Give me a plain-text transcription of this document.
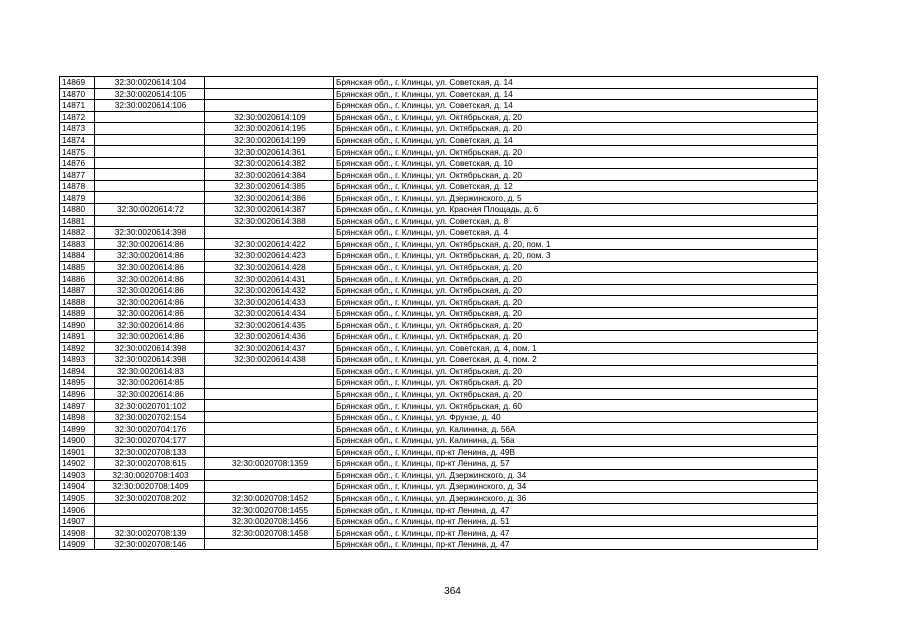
14869	32:30:0020614:104		Брянская обл., г. Клинцы, ул. Советская, д. 14
14870	32:30:0020614:105		Брянская обл., г. Клинцы, ул. Советская, д. 14
14871	32:30:0020614:106		Брянская обл., г. Клинцы, ул. Советская, д. 14
14872		32:30:0020614:109	Брянская обл., г. Клинцы, ул. Октябрьская, д. 20
14873		32:30:0020614:195	Брянская обл., г. Клинцы, ул. Октябрьская, д. 20
14874		32:30:0020614:199	Брянская обл., г. Клинцы, ул. Советская, д. 14
14875		32:30:0020614:361	Брянская обл., г. Клинцы, ул. Октябрьская, д. 20
14876		32:30:0020614:382	Брянская обл., г. Клинцы, ул. Советская, д. 10
14877		32:30:0020614:384	Брянская обл., г. Клинцы, ул. Октябрьская, д. 20
14878		32:30:0020614:385	Брянская обл., г. Клинцы, ул. Советская, д. 12
14879		32:30:0020614:386	Брянская обл., г. Клинцы, ул. Дзержинского, д. 5
14880	32:30:0020614:72	32:30:0020614:387	Брянская обл., г. Клинцы, ул. Красная Площадь, д. 6
14881		32:30:0020614:388	Брянская обл., г. Клинцы, ул. Советская, д. 8
14882	32:30:0020614:398		Брянская обл., г. Клинцы, ул. Советская, д. 4
14883	32:30:0020614:86	32:30:0020614:422	Брянская обл., г. Клинцы, ул. Октябрьская, д. 20, пом. 1
14884	32:30:0020614:86	32:30:0020614:423	Брянская обл., г. Клинцы, ул. Октябрьская, д. 20, пом. 3
14885	32:30:0020614:86	32:30:0020614:428	Брянская обл., г. Клинцы, ул. Октябрьская, д. 20
14886	32:30:0020614:86	32:30:0020614:431	Брянская обл., г. Клинцы, ул. Октябрьская, д. 20
14887	32:30:0020614:86	32:30:0020614:432	Брянская обл., г. Клинцы, ул. Октябрьская, д. 20
14888	32:30:0020614:86	32:30:0020614:433	Брянская обл., г. Клинцы, ул. Октябрьская, д. 20
14889	32:30:0020614:86	32:30:0020614:434	Брянская обл., г. Клинцы, ул. Октябрьская, д. 20
14890	32:30:0020614:86	32:30:0020614:435	Брянская обл., г. Клинцы, ул. Октябрьская, д. 20
14891	32:30:0020614:86	32:30:0020614:436	Брянская обл., г. Клинцы, ул. Октябрьская, д. 20
14892	32:30:0020614:398	32:30:0020614:437	Брянская обл., г. Клинцы, ул. Советская, д. 4, пом. 1
14893	32:30:0020614:398	32:30:0020614:438	Брянская обл., г. Клинцы, ул. Советская, д. 4, пом. 2
14894	32:30:0020614:83		Брянская обл., г. Клинцы, ул. Октябрьская, д. 20
14895	32:30:0020614:85		Брянская обл., г. Клинцы, ул. Октябрьская, д. 20
14896	32:30:0020614:86		Брянская обл., г. Клинцы, ул. Октябрьская, д. 20
14897	32:30:0020701:102		Брянская обл., г. Клинцы, ул. Октябрьская, д. 60
14898	32:30:0020702:154		Брянская обл., г. Клинцы, ул. Фрунзе, д. 40
14899	32:30:0020704:176		Брянская обл., г. Клинцы, ул. Калинина, д. 56А
14900	32:30:0020704:177		Брянская обл., г. Клинцы, ул. Калинина, д. 56а
14901	32:30:0020708:133		Брянская обл., г. Клинцы, пр-кт Ленина, д. 49В
14902	32:30:0020708:615	32:30:0020708:1359	Брянская обл., г. Клинцы, пр-кт Ленина, д. 57
14903	32:30:0020708:1403		Брянская обл., г. Клинцы, ул. Дзержинского, д. 34
14904	32:30:0020708:1409		Брянская обл., г. Клинцы, ул. Дзержинского, д. 34
14905	32:30:0020708:202	32:30:0020708:1452	Брянская обл., г. Клинцы, ул. Дзержинского, д. 36
14906		32:30:0020708:1455	Брянская обл., г. Клинцы, пр-кт Ленина, д. 47
14907		32:30:0020708:1456	Брянская обл., г. Клинцы, пр-кт Ленина, д. 51
14908	32:30:0020708:139	32:30:0020708:1458	Брянская обл., г. Клинцы, пр-кт Ленина, д. 47
14909	32:30:0020708:146		Брянская обл., г. Клинцы, пр-кт Ленина, д. 47
364
